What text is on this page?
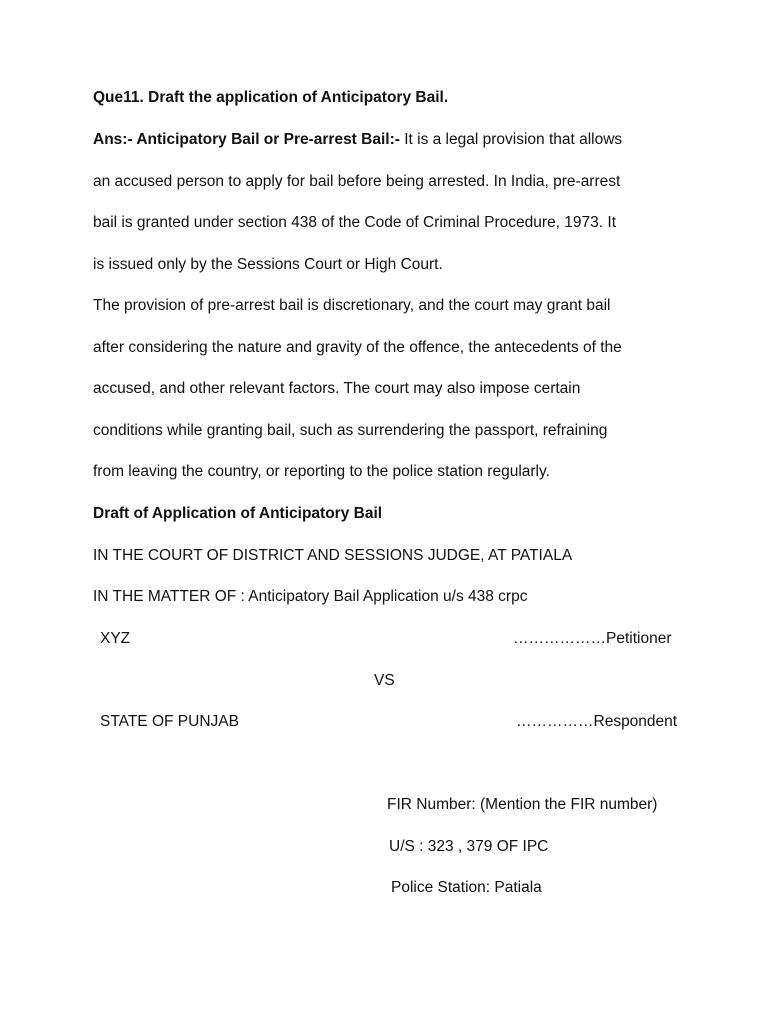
Que11. Draft the application of Anticipatory Bail.
Ans:- Anticipatory Bail or Pre-arrest Bail:- It is a legal provision that allows
an accused person to apply for bail before being arrested. In India, pre-arrest
bail is granted under section 438 of the Code of Criminal Procedure, 1973. It
is issued only by the Sessions Court or High Court.
The provision of pre-arrest bail is discretionary, and the court may grant bail
after considering the nature and gravity of the offence, the antecedents of the
accused, and other relevant factors. The court may also impose certain
conditions while granting bail, such as surrendering the passport, refraining
from leaving the country, or reporting to the police station regularly.
Draft of Application of Anticipatory Bail
IN THE COURT OF DISTRICT AND SESSIONS JUDGE, AT PATIALA
IN THE MATTER OF : Anticipatory Bail Application u/s 438 crpc
XYZ	………………Petitioner
VS
STATE OF PUNJAB	……………Respondent
FIR Number: (Mention the FIR number)
U/S : 323 , 379 OF IPC
Police Station: Patiala
